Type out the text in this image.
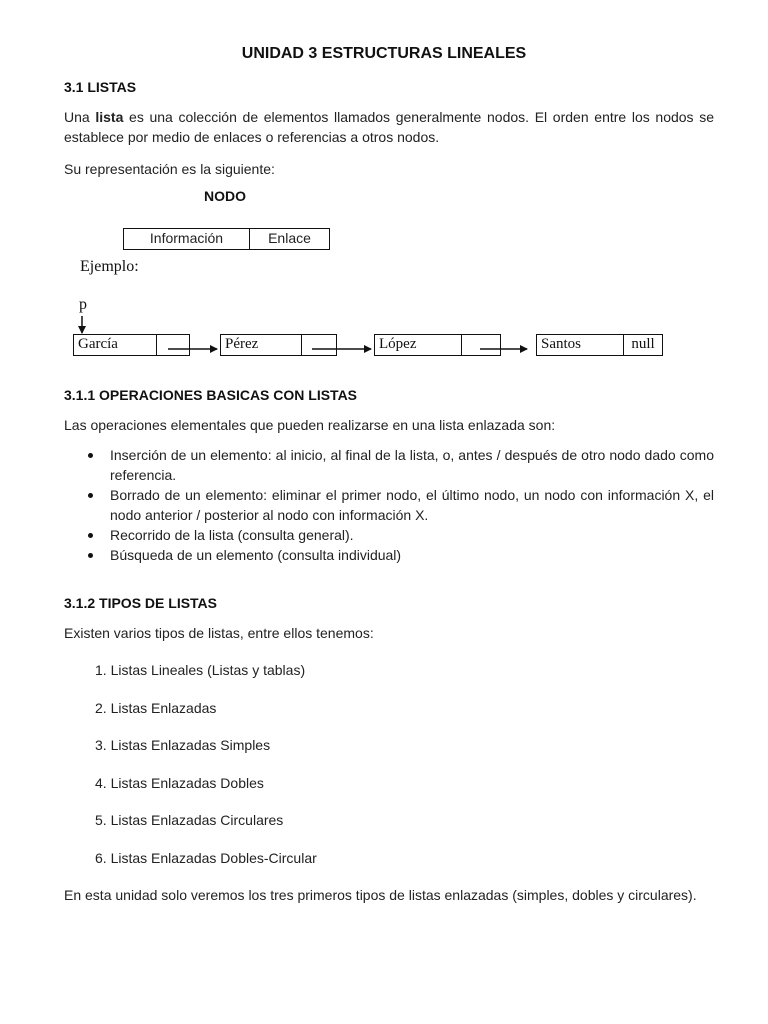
UNIDAD 3 ESTRUCTURAS LINEALES
3.1 LISTAS

Una lista es una colección de elementos llamados generalmente nodos. El orden entre los nodos se establece por medio de enlaces o referencias a otros nodos.

Su representación es la siguiente:

NODO
Información	Enlace
Ejemplo:
p
García	Pérez	López	Santos	null
3.1.1 OPERACIONES BASICAS CON LISTAS

Las operaciones elementales que pueden realizarse en una lista enlazada son:

Inserción de un elemento: al inicio, al final de la lista, o, antes / después de otro nodo dado como referencia.
Borrado de un elemento: eliminar el primer nodo, el último nodo, un nodo con información X, el nodo anterior / posterior al nodo con información X.
Recorrido de la lista (consulta general).
Búsqueda de un elemento (consulta individual)
3.1.2 TIPOS DE LISTAS

Existen varios tipos de listas, entre ellos tenemos:

1. Listas Lineales (Listas y tablas)
2. Listas Enlazadas
3. Listas Enlazadas Simples
4. Listas Enlazadas Dobles
5. Listas Enlazadas Circulares
6. Listas Enlazadas Dobles-Circular

En esta unidad solo veremos los tres primeros tipos de listas enlazadas (simples, dobles y circulares).
